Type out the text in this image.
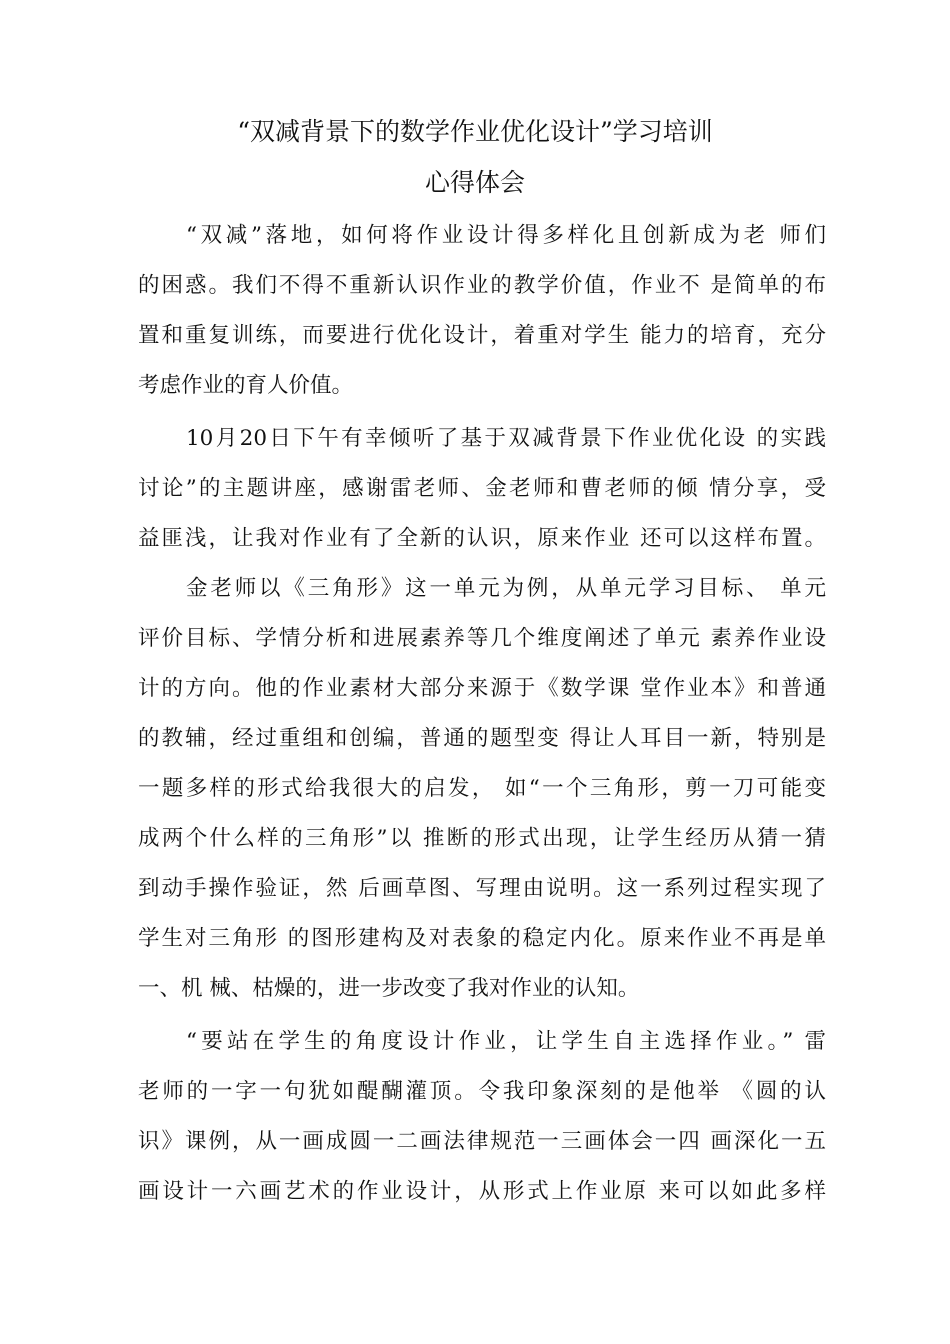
“双减背景下的数学作业优化设计”学习培训
心得体会
“双减”落地，如何将作业设计得多样化且创新成为老 师们
的困惑。我们不得不重新认识作业的教学价值，作业不 是简单的布
置和重复训练，而要进行优化设计，着重对学生 能力的培育，充分
考虑作业的育人价值。
10月20日下午有幸倾听了基于双减背景下作业优化设 的实践
讨论”的主题讲座，感谢雷老师、金老师和曹老师的倾 情分享，受
益匪浅，让我对作业有了全新的认识，原来作业 还可以这样布置。
金老师以《三角形》这一单元为例，从单元学习目标、 单元
评价目标、学情分析和进展素养等几个维度阐述了单元 素养作业设
计的方向。他的作业素材大部分来源于《数学课 堂作业本》和普通
的教辅，经过重组和创编，普通的题型变 得让人耳目一新，特别是
一题多样的形式给我很大的启发， 如“一个三角形，剪一刀可能变
成两个什么样的三角形”以 推断的形式出现，让学生经历从猜一猜
到动手操作验证，然 后画草图、写理由说明。这一系列过程实现了
学生对三角形 的图形建构及对表象的稳定内化。原来作业不再是单
一、机 械、枯燥的，进一步改变了我对作业的认知。
“要站在学生的角度设计作业，让学生自主选择作业。” 雷
老师的一字一句犹如醍醐灌顶。令我印象深刻的是他举 《圆的认
识》课例，从一画成圆一二画法律规范一三画体会一四 画深化一五
画设计一六画艺术的作业设计，从形式上作业原 来可以如此多样
